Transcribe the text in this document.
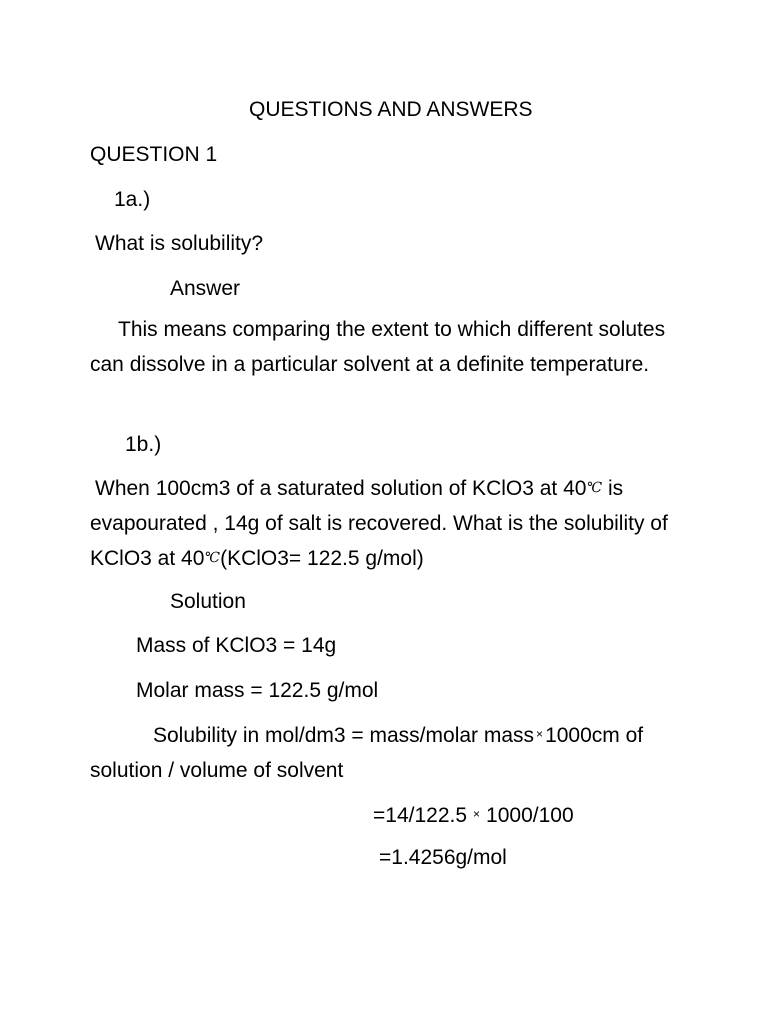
QUESTIONS AND ANSWERS
QUESTION 1
1a.)
What is solubility?
Answer
This means comparing the extent to which different solutes can dissolve in a particular solvent at a definite temperature.
1b.)
When 100cm3 of a saturated solution of KClO3 at 40℃ is evapourated , 14g of salt is recovered. What is the solubility of KClO3 at 40℃(KClO3= 122.5 g/mol)
Solution
Mass of KClO3 = 14g
Molar mass = 122.5 g/mol
Solubility in mol/dm3 = mass/molar mass ×1000cm of solution / volume of solvent
=14/122.5 × 1000/100
=1.4256g/mol
